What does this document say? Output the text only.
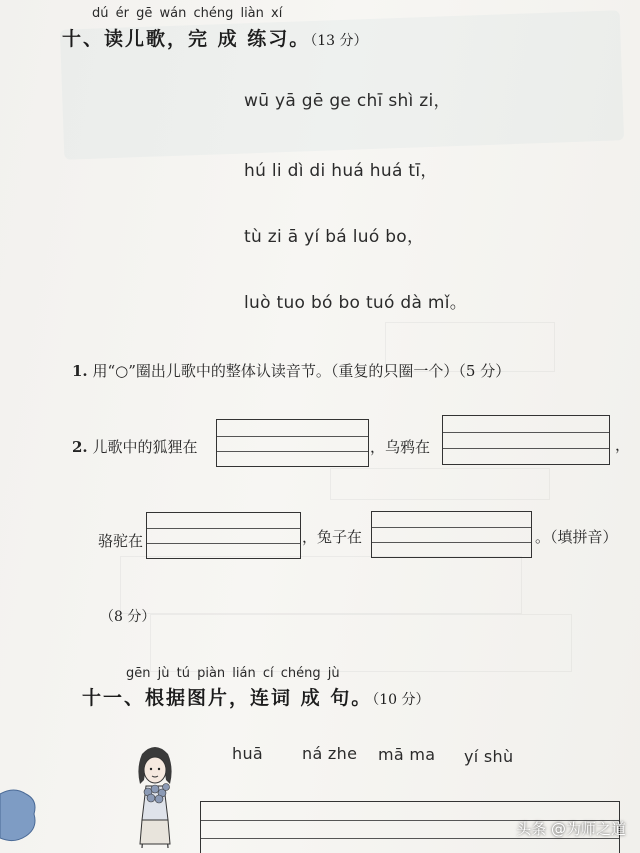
dú ér gē wán chéng liàn xí
十、读儿歌，完 成 练习。（13 分）
wū yā gē ge chī shì zi，
hú li dì di huá huá tī，
tù zi ā yí bá luó bo，
luò tuo bó bo tuó dà mǐ。
1. 用“○”圈出儿歌中的整体认读音节。（重复的只圈一个）（5 分）
2. 儿歌中的狐狸在	，乌鸦在	，
骆驼在	，兔子在	。（填拼音）
（8 分）
gēn jù tú piàn lián cí chéng jù
十一、根据图片，连词 成 句。（10 分）
huā ná zhe mā ma yí shù
头条 @为师之道
